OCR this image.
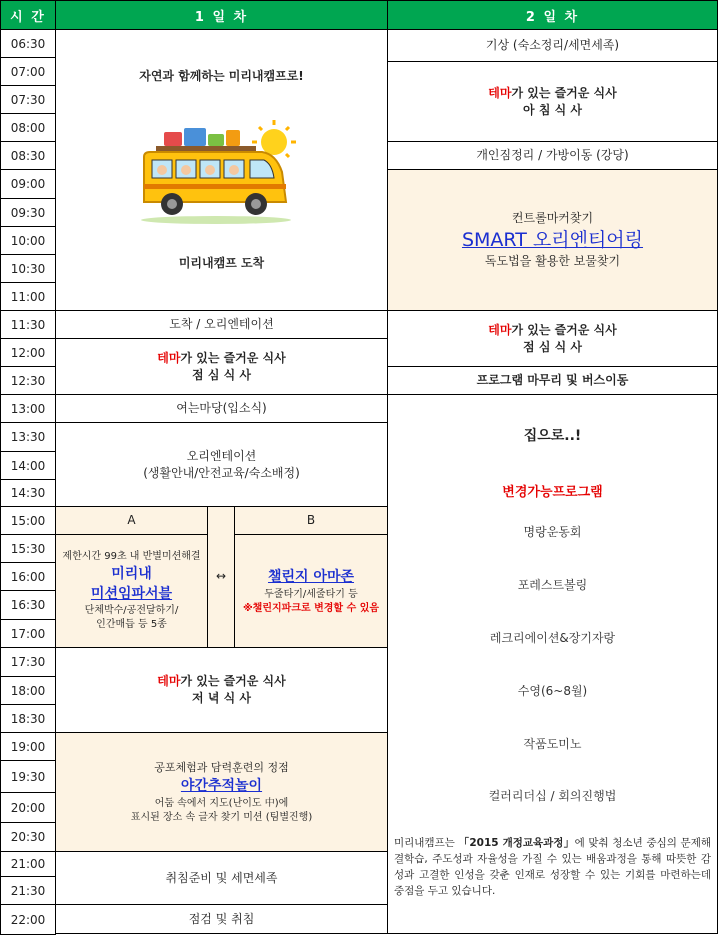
시 간	1 일 차	2 일 차
06:30
07:00
07:30
08:00
08:30
09:00
09:30
10:00
10:30
11:00
11:30
12:00
12:30
13:00
13:30
14:00
14:30
15:00
15:30
16:00
16:30
17:00
17:30
18:00
18:30
19:00
19:30
20:00
20:30
21:00
21:30
22:00
자연과 함께하는 미리내캠프로!
미리내캠프 도착
도착 / 오리엔테이션
테마가 있는 즐거운 식사
점 심 식 사
여는마당(입소식)
오리엔테이션
(생활안내/안전교육/숙소배정)
A
제한시간 99초 내 반별미션해결
미리내
미션임파서블
단체박수/공전달하기/
인간매듭 등 5종
↔
B
챌린지 아마존
두줄타기/세줄타기 등
※챌린지파크로 변경할 수 있음
테마가 있는 즐거운 식사
저 녁 식 사
공포체험과 담력훈련의 정점
야간추적놀이
어둠 속에서 지도(난이도 中)에
표시된 장소 속 글자 찾기 미션 (팀별진행)
취침준비 및 세면세족
점검 및 취침
기상 (숙소정리/세면세족)
테마가 있는 즐거운 식사
아 침 식 사
개인짐정리 / 가방이동 (강당)
컨트롤마커찾기
SMART 오리엔티어링
독도법을 활용한 보물찾기
테마가 있는 즐거운 식사
점 심 식 사
프로그램 마무리 및 버스이동
집으로..!
변경가능프로그램
명랑운동회
포레스트볼링
레크리에이션&장기자랑
수영(6~8월)
작품도미노
컬러리더십 / 회의진행법
미리내캠프는 「2015 개정교육과정」에 맞춰 청소년 중심의 문제해결학습, 주도성과 자율성을 가질 수 있는 배움과정을 통해 따뜻한 감성과 고결한 인성을 갖춘 인재로 성장할 수 있는 기회를 마련하는데 중점을 두고 있습니다.
